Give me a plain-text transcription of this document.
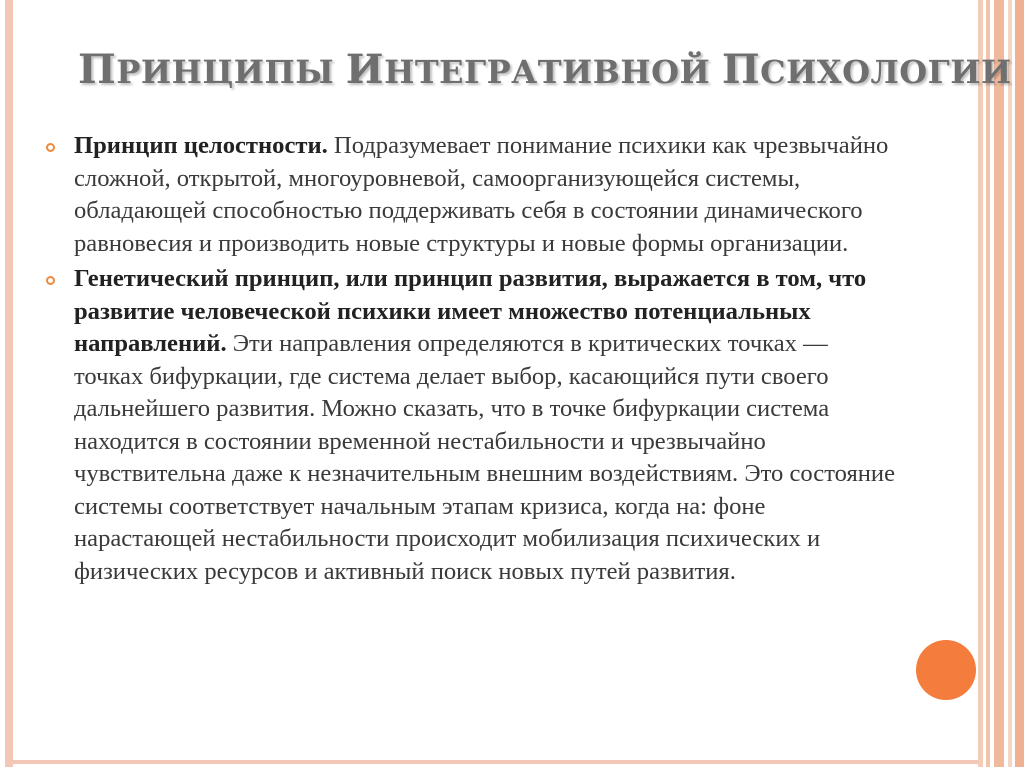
ПРИНЦИПЫ ИНТЕГРАТИВНОЙ ПСИХОЛОГИИ
Принцип целостности. Подразумевает понимание психики как чрезвычайно сложной, открытой, многоуровневой, самоорганизующейся системы, обладающей способностью поддерживать себя в состоянии динамического равновесия и производить новые структуры и новые формы организации.
Генетический принцип, или принцип развития, выражается в том, что развитие человеческой психики имеет множество потенциальных направлений. Эти направления определяются в критических точках — точках бифуркации, где система делает выбор, касающийся пути своего дальнейшего развития. Можно сказать, что в точке бифуркации система находится в состоянии временной нестабильности и чрезвычайно чувствительна даже к незначительным внешним воздействиям. Это состояние системы соответствует начальным этапам кризиса, когда на: фоне нарастающей нестабильности происходит мобилизация психических и физических ресурсов и активный поиск новых путей развития.
